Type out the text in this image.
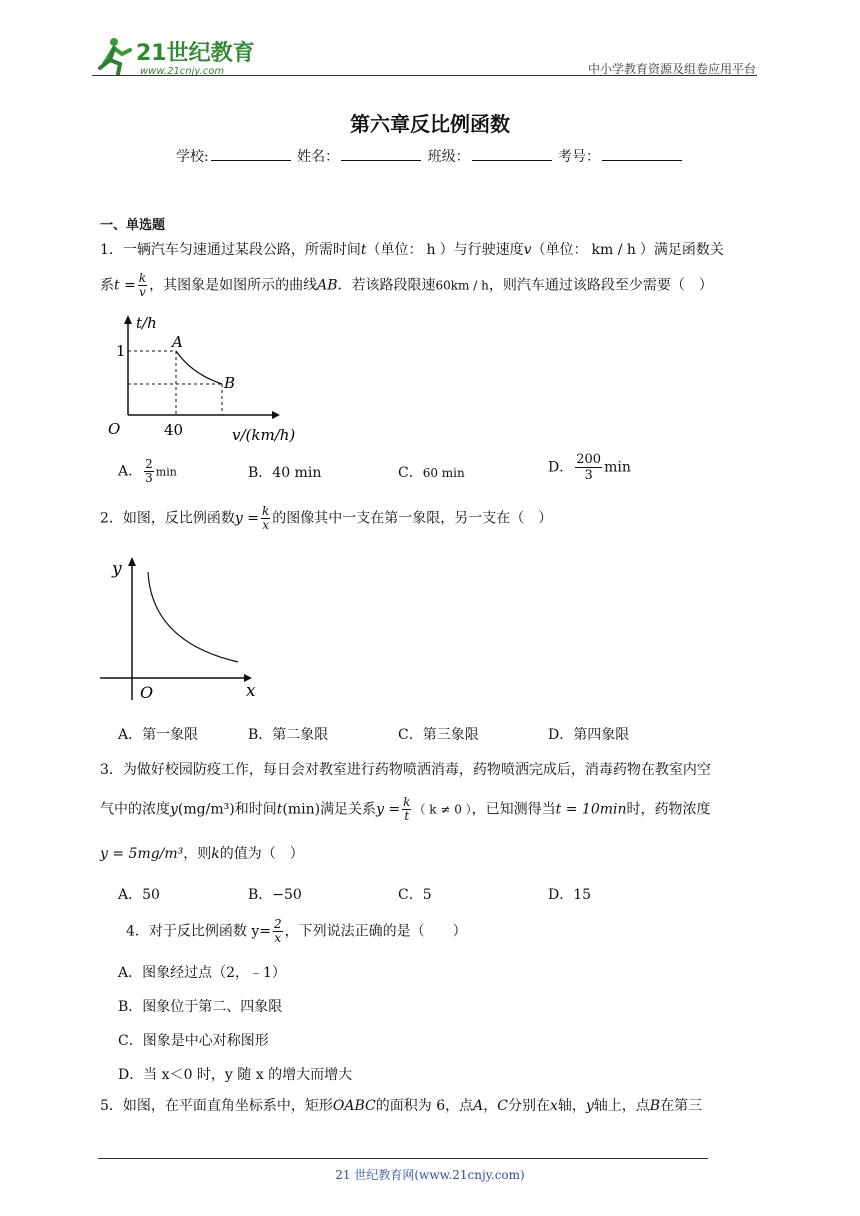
21世纪教育
www.21cnjy.com	中小学教育资源及组卷应用平台
第六章反比例函数
学校:	姓名：	班级：	考号：
一、单选题
1．一辆汽车匀速通过某段公路，所需时间t（单位： h ）与行驶速度v（单位： km / h ）满足函数关
系$t = \frac{k}{v}$ ，其图象是如图所示的曲线AB．若该路段限速60km / h，则汽车通过该路段至少需要（　）
t/h
1	A
B
O	40	v/(km/h)
A． $\frac{2}{3}$ min	B．40 min	C．60 min	D． $\frac{200}{3}$ min
2．如图，反比例函数$y = \frac{k}{x}$ 的图像其中一支在第一象限，另一支在（　）
y
O	x
A．第一象限	B．第二象限	C．第三象限	D．第四象限
3．为做好校园防疫工作，每日会对教室进行药物喷洒消毒，药物喷洒完成后，消毒药物在教室内空
气中的浓度y(mg/m³)和时间t(min)满足关系$y = \frac{k}{t}$ （ k ≠ 0 ），已知测得当t = 10min时，药物浓度
y = 5mg/m³，则k的值为（　）
A．50	B．−50	C．5	D．15
4．对于反比例函数 $y= \frac{2}{x}$ ，下列说法正确的是（　　）
A．图象经过点（2，﹣1）
B．图象位于第二、四象限
C．图象是中心对称图形
D．当 x＜0 时，y 随 x 的增大而增大
5．如图，在平面直角坐标系中，矩形OABC的面积为 6，点A，C分别在x轴，y轴上，点B在第三
21 世纪教育网(www.21cnjy.com)
